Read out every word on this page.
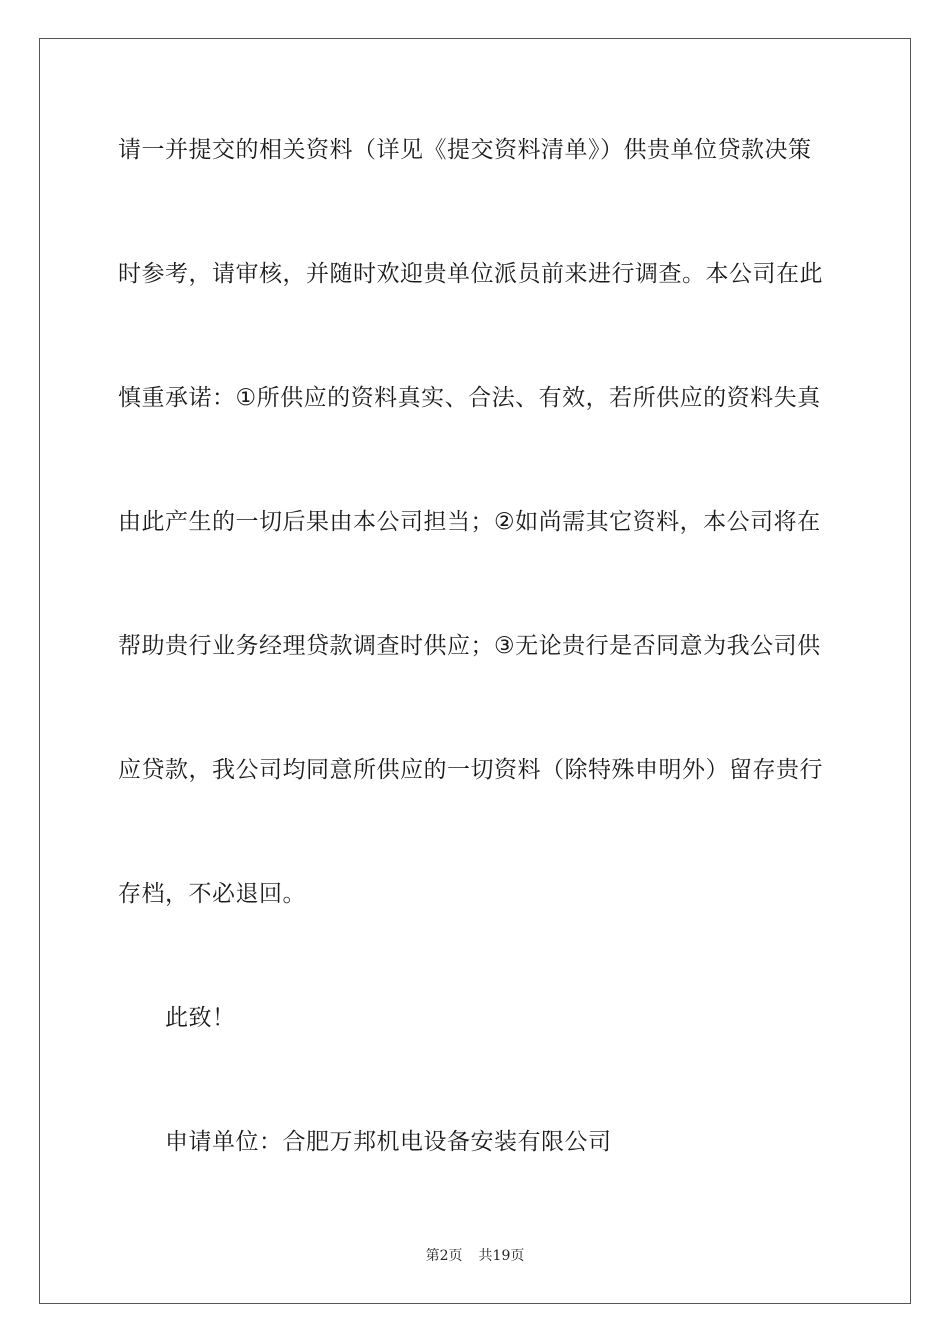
请一并提交的相关资料（详见《提交资料清单》）供贵单位贷款决策
时参考，请审核，并随时欢迎贵单位派员前来进行调查。本公司在此
慎重承诺：①所供应的资料真实、合法、有效，若所供应的资料失真
由此产生的一切后果由本公司担当；②如尚需其它资料，本公司将在
帮助贵行业务经理贷款调查时供应；③无论贵行是否同意为我公司供
应贷款，我公司均同意所供应的一切资料（除特殊申明外）留存贵行
存档，不必退回。
此致！
申请单位：合肥万邦机电设备安装有限公司
第2页 共19页
